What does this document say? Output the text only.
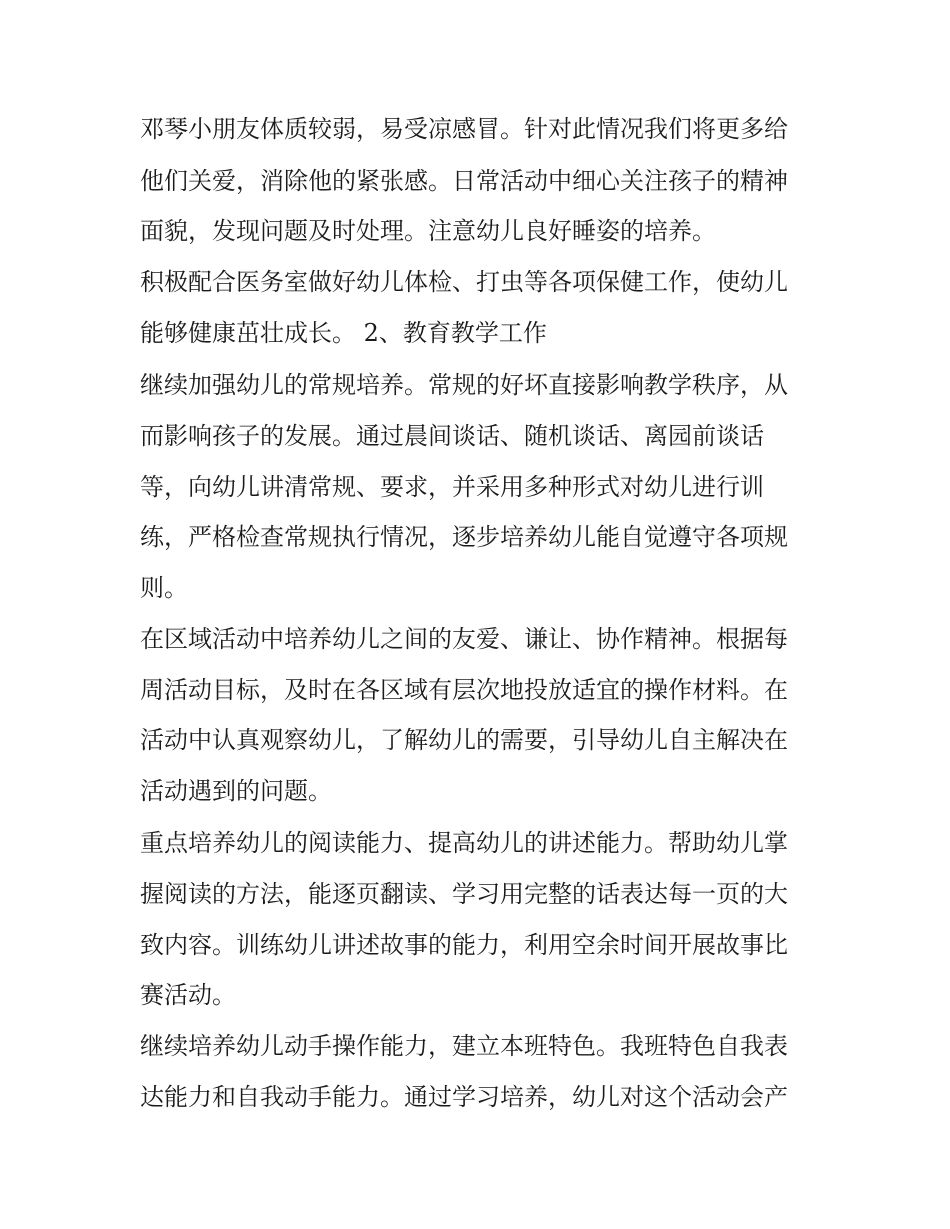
邓琴小朋友体质较弱，易受凉感冒。针对此情况我们将更多给
他们关爱，消除他的紧张感。日常活动中细心关注孩子的精神
面貌，发现问题及时处理。注意幼儿良好睡姿的培养。
积极配合医务室做好幼儿体检、打虫等各项保健工作，使幼儿
能够健康茁壮成长。 2、教育教学工作
继续加强幼儿的常规培养。常规的好坏直接影响教学秩序，从
而影响孩子的发展。通过晨间谈话、随机谈话、离园前谈话
等，向幼儿讲清常规、要求，并采用多种形式对幼儿进行训
练，严格检查常规执行情况，逐步培养幼儿能自觉遵守各项规
则。
在区域活动中培养幼儿之间的友爱、谦让、协作精神。根据每
周活动目标，及时在各区域有层次地投放适宜的操作材料。在
活动中认真观察幼儿，了解幼儿的需要，引导幼儿自主解决在
活动遇到的问题。
重点培养幼儿的阅读能力、提高幼儿的讲述能力。帮助幼儿掌
握阅读的方法，能逐页翻读、学习用完整的话表达每一页的大
致内容。训练幼儿讲述故事的能力，利用空余时间开展故事比
赛活动。
继续培养幼儿动手操作能力，建立本班特色。我班特色自我表
达能力和自我动手能力。通过学习培养，幼儿对这个活动会产
